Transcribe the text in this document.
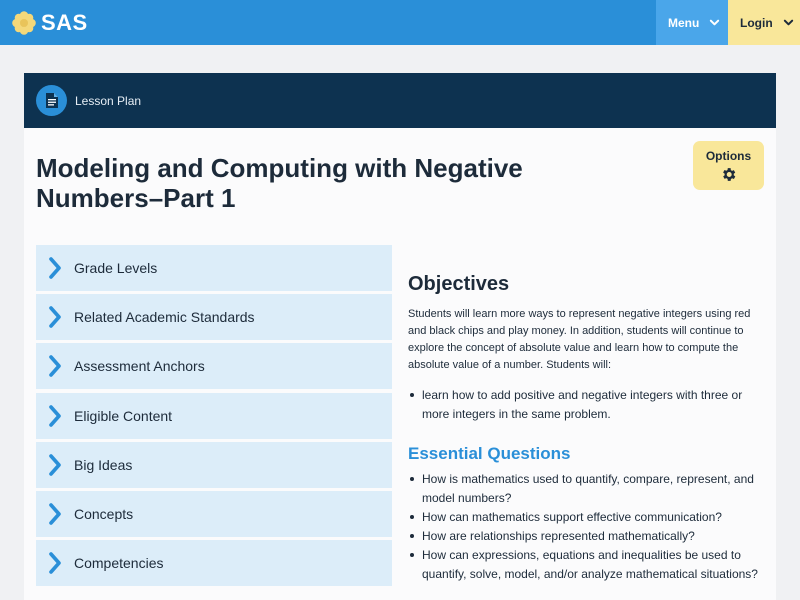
SAS	Menu	Login
Lesson Plan
Modeling and Computing with Negative Numbers–Part 1
Options
Grade Levels
Related Academic Standards
Assessment Anchors
Eligible Content
Big Ideas
Concepts
Competencies
Objectives

Students will learn more ways to represent negative integers using red and black chips and play money. In addition, students will continue to explore the concept of absolute value and learn how to compute the absolute value of a number. Students will:

learn how to add positive and negative integers with three or more integers in the same problem.
Essential Questions
How is mathematics used to quantify, compare, represent, and model numbers?
How can mathematics support effective communication?
How are relationships represented mathematically?
How can expressions, equations and inequalities be used to quantify, solve, model, and/or analyze mathematical situations?
